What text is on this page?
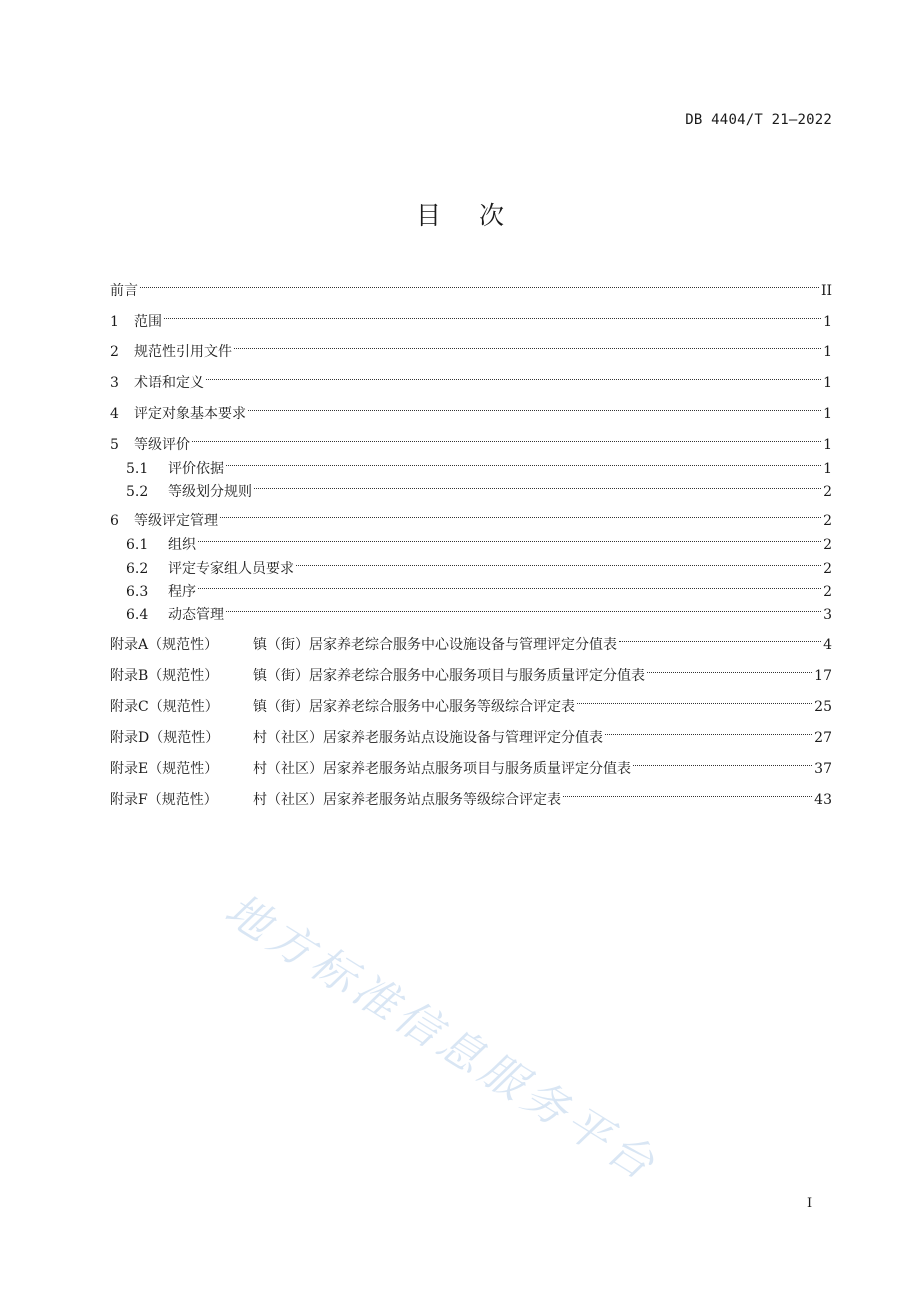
DB 4404/T 21—2022
目次
前言	II
1	范围	1
2	规范性引用文件	1
3	术语和定义	1
4	评定对象基本要求	1
5	等级评价	1
5.1	评价依据	1
5.2	等级划分规则	2
6	等级评定管理	2
6.1	组织	2
6.2	评定专家组人员要求	2
6.3	程序	2
6.4	动态管理	3
附录A（规范性）	镇（街）居家养老综合服务中心设施设备与管理评定分值表	4
附录B（规范性）	镇（街）居家养老综合服务中心服务项目与服务质量评定分值表	17
附录C（规范性）	镇（街）居家养老综合服务中心服务等级综合评定表	25
附录D（规范性）	村（社区）居家养老服务站点设施设备与管理评定分值表	27
附录E（规范性）	村（社区）居家养老服务站点服务项目与服务质量评定分值表	37
附录F（规范性）	村（社区）居家养老服务站点服务等级综合评定表	43
地方标准信息服务平台
I
